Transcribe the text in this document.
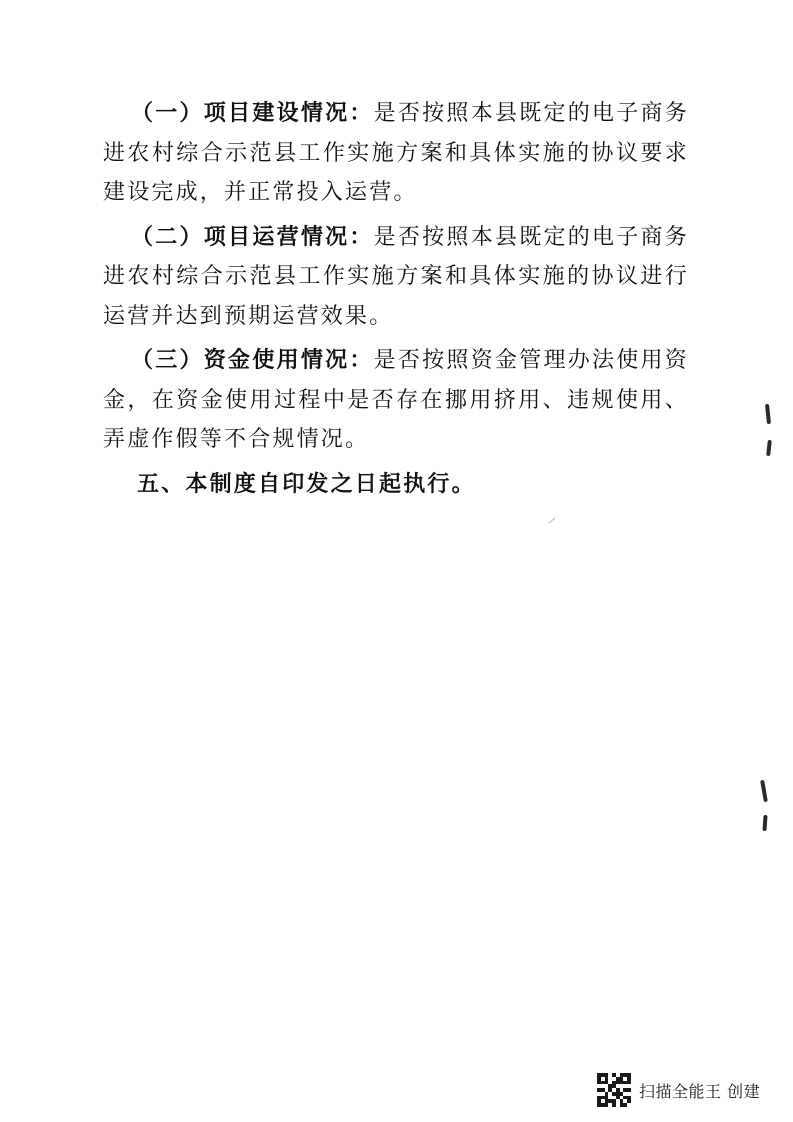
（一）项目建设情况：是否按照本县既定的电子商务进农村综合示范县工作实施方案和具体实施的协议要求建设完成，并正常投入运营。

（二）项目运营情况：是否按照本县既定的电子商务进农村综合示范县工作实施方案和具体实施的协议进行运营并达到预期运营效果。

（三）资金使用情况：是否按照资金管理办法使用资金，在资金使用过程中是否存在挪用挤用、违规使用、弄虚作假等不合规情况。

五、本制度自印发之日起执行。

扫描全能王 创建
